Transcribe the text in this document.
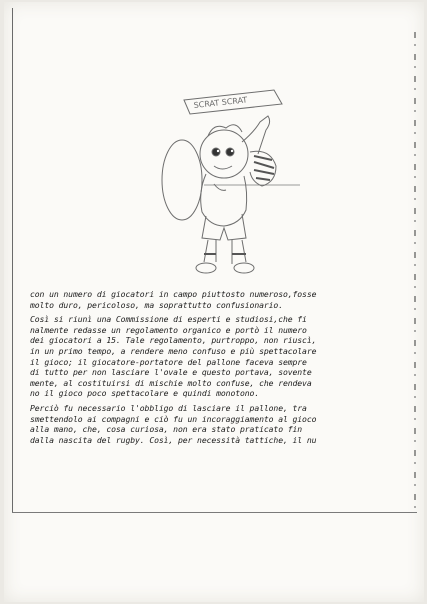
SCRAT SCRAT

con un numero di giocatori in campo piuttosto numeroso,fosse
molto duro, pericoloso, ma soprattutto confusionario.

Così si riunì una Commissione di esperti e studiosi,che fi
nalmente redasse un regolamento organico e portò il numero
dei giocatori a 15. Tale regolamento, purtroppo, non riuscì,
in un primo tempo, a rendere meno confuso e più spettacolare
il gioco; il giocatore-portatore del pallone faceva sempre
di tutto per non lasciare l'ovale e questo portava, sovente
mente, al costituirsi di mischie molto confuse, che rendeva
no il gioco poco spettacolare e quindi monotono.

Perciò fu necessario l'obbligo di lasciare il pallone, tra
smettendolo ai compagni e ciò fu un incoraggiamento al gioco
alla mano, che, cosa curiosa, non era stato praticato fin
dalla nascita del rugby. Così, per necessità tattiche, il nu
